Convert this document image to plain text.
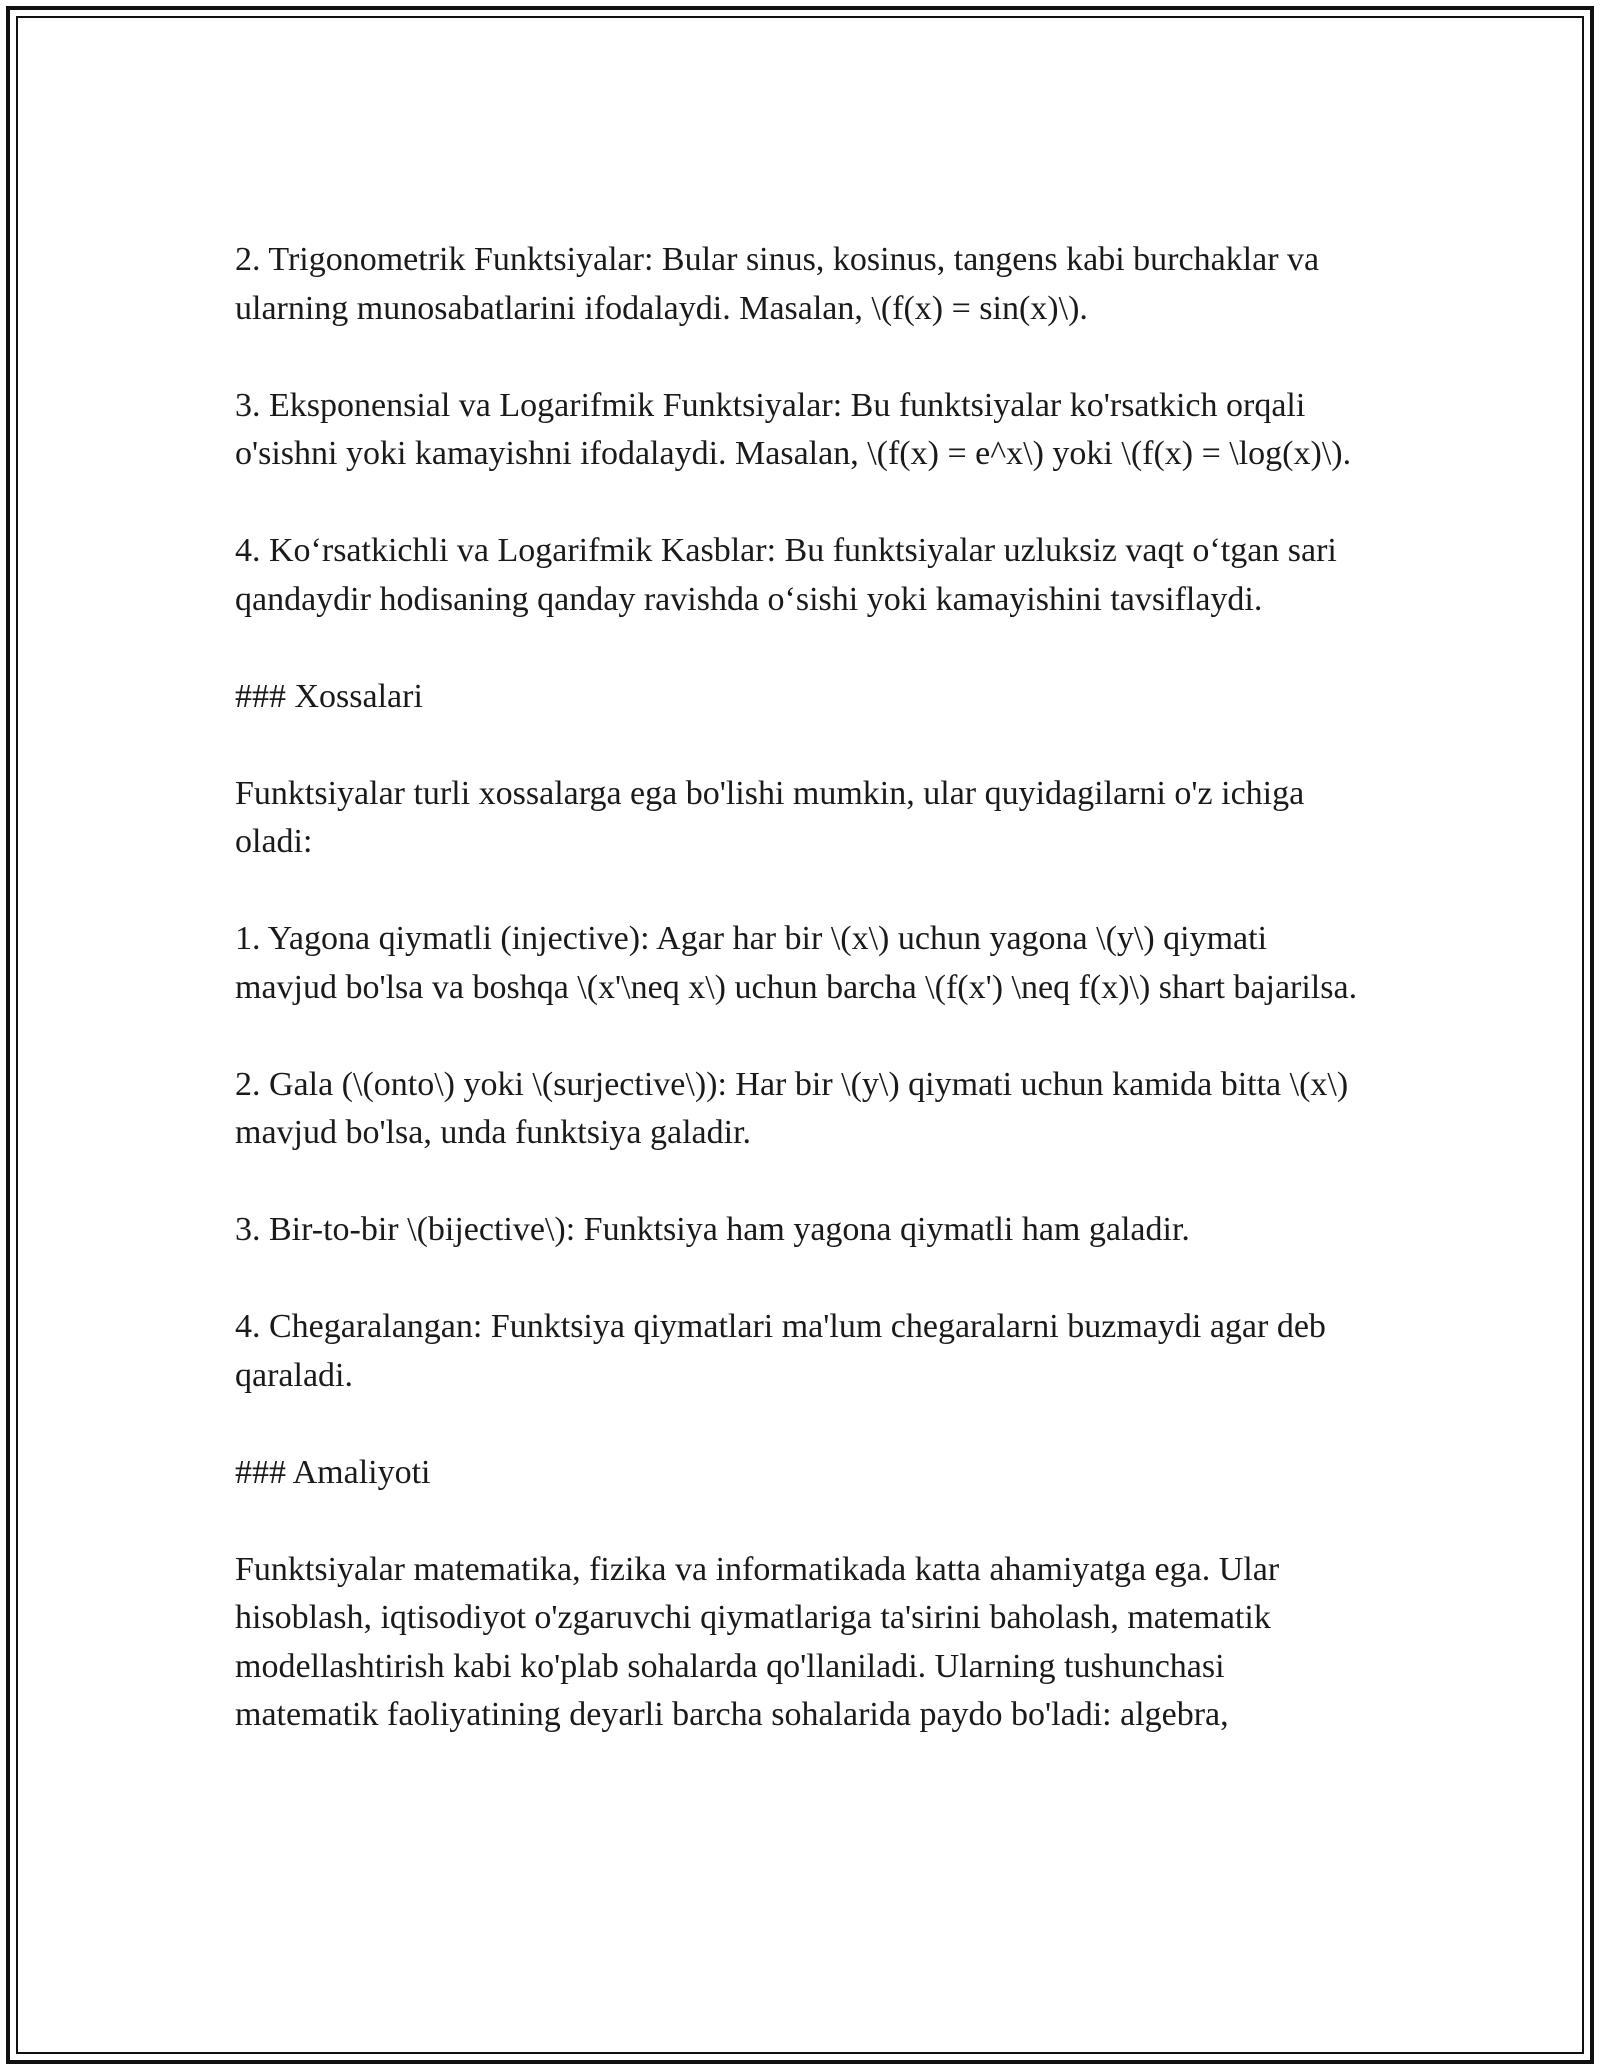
2. Trigonometrik Funktsiyalar: Bular sinus, kosinus, tangens kabi burchaklar va ularning munosabatlarini ifodalaydi. Masalan, \(f(x) = sin(x)\).

3. Eksponensial va Logarifmik Funktsiyalar: Bu funktsiyalar ko'rsatkich orqali o'sishni yoki kamayishni ifodalaydi. Masalan, \(f(x) = e^x\) yoki \(f(x) = \log(x)\).

4. Koʻrsatkichli va Logarifmik Kasblar: Bu funktsiyalar uzluksiz vaqt oʻtgan sari qandaydir hodisaning qanday ravishda oʻsishi yoki kamayishini tavsiflaydi.

### Xossalari

Funktsiyalar turli xossalarga ega bo'lishi mumkin, ular quyidagilarni o'z ichiga oladi:

1. Yagona qiymatli (injective): Agar har bir \(x\) uchun yagona \(y\) qiymati mavjud bo'lsa va boshqa \(x'\neq x\) uchun barcha \(f(x') \neq f(x)\) shart bajarilsa.

2. Gala (\(onto\) yoki \(surjective\)): Har bir \(y\) qiymati uchun kamida bitta \(x\) mavjud bo'lsa, unda funktsiya galadir.

3. Bir-to-bir \(bijective\): Funktsiya ham yagona qiymatli ham galadir.

4. Chegaralangan: Funktsiya qiymatlari ma'lum chegaralarni buzmaydi agar deb qaraladi.

### Amaliyoti

Funktsiyalar matematika, fizika va informatikada katta ahamiyatga ega. Ular hisoblash, iqtisodiyot o'zgaruvchi qiymatlariga ta'sirini baholash, matematik modellashtirish kabi ko'plab sohalarda qo'llaniladi. Ularning tushunchasi matematik faoliyatining deyarli barcha sohalarida paydo bo'ladi: algebra,
